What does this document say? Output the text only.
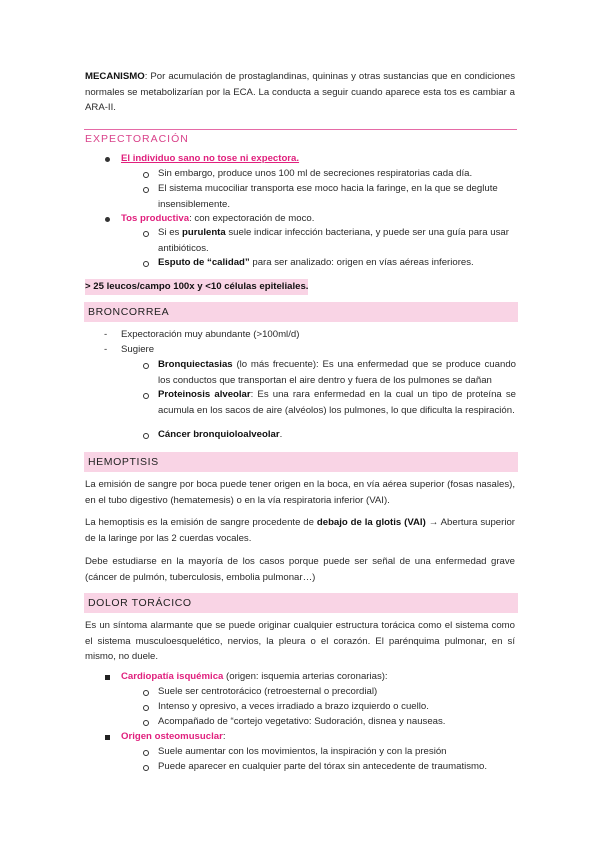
MECANISMO: Por acumulación de prostaglandinas, quininas y otras sustancias que en condiciones normales se metabolizarían por la ECA. La conducta a seguir cuando aparece esta tos es cambiar a ARA-II.
EXPECTORACIÓN
El individuo sano no tose ni expectora.
Sin embargo, produce unos 100 ml de secreciones respiratorias cada día.
El sistema mucociliar transporta ese moco hacia la faringe, en la que se deglute insensiblemente.
Tos productiva: con expectoración de moco.
Si es purulenta suele indicar infección bacteriana, y puede ser una guía para usar antibióticos.
Esputo de “calidad” para ser analizado: origen en vías aéreas inferiores.
> 25 leucos/campo 100x y <10 células epiteliales.
BRONCORREA
- Expectoración muy abundante (>100ml/d)
- Sugiere
Bronquiectasias (lo más frecuente): Es una enfermedad que se produce cuando los conductos que transportan el aire dentro y fuera de los pulmones se dañan
Proteinosis alveolar: Es una rara enfermedad en la cual un tipo de proteína se acumula en los sacos de aire (alvéolos) los pulmones, lo que dificulta la respiración.
Cáncer bronquioloalveolar.
HEMOPTISIS
La emisión de sangre por boca puede tener origen en la boca, en vía aérea superior (fosas nasales), en el tubo digestivo (hematemesis) o en la vía respiratoria inferior (VAI).
La hemoptisis es la emisión de sangre procedente de debajo de la glotis (VAI) → Abertura superior de la laringe por las 2 cuerdas vocales.
Debe estudiarse en la mayoría de los casos porque puede ser señal de una enfermedad grave (cáncer de pulmón, tuberculosis, embolia pulmonar…)
DOLOR TORÁCICO
Es un síntoma alarmante que se puede originar cualquier estructura torácica como el sistema como el sistema musculoesquelético, nervios, la pleura o el corazón. El parénquima pulmonar, en sí mismo, no duele.
Cardiopatía isquémica (origen: isquemia arterias coronarias):
Suele ser centrotorácico (retroesternal o precordial)
Intenso y opresivo, a veces irradiado a brazo izquierdo o cuello.
Acompañado de “cortejo vegetativo: Sudoración, disnea y nauseas.
Origen osteomusuclar:
Suele aumentar con los movimientos, la inspiración y con la presión
Puede aparecer en cualquier parte del tórax sin antecedente de traumatismo.
